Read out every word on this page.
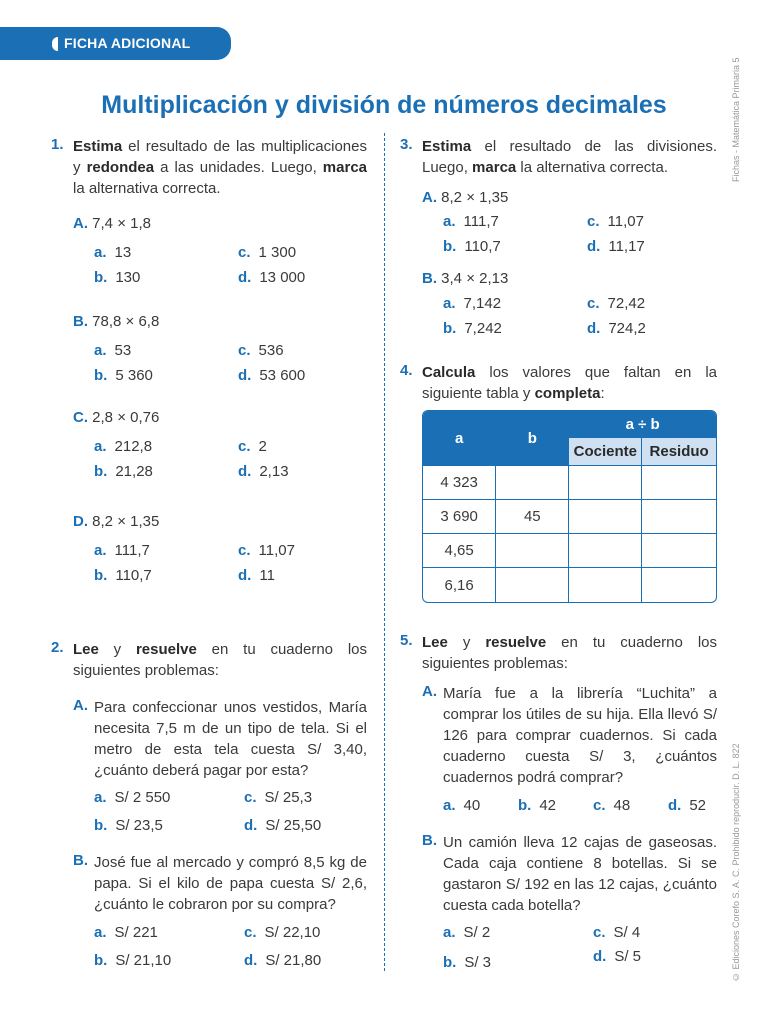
FICHA ADICIONAL
Multiplicación y división de números decimales	Fichas - Matemática Primaria 5
© Ediciones Corefo S. A. C. Prohibido reproducir. D. L. 822
1. Estima el resultado de las multiplicaciones y redondea a las unidades. Luego, marca la alternativa correcta.
A. 7,4 × 1,8
a. 13
b. 130
c. 1 300
d. 13 000
B. 78,8 × 6,8
a. 53
b. 5 360
c. 536
d. 53 600
C. 2,8 × 0,76
a. 212,8
b. 21,28
c. 2
d. 2,13
D. 8,2 × 1,35
a. 111,7
b. 110,7
c. 11,07
d. 11
2. Lee y resuelve en tu cuaderno los siguientes problemas:
A. Para confeccionar unos vestidos, María necesita 7,5 m de un tipo de tela. Si el metro de esta tela cuesta S/ 3,40, ¿cuánto deberá pagar por esta?
a. S/ 2 550
b. S/ 23,5
c. S/ 25,3
d. S/ 25,50
B. José fue al mercado y compró 8,5 kg de papa. Si el kilo de papa cuesta S/ 2,6, ¿cuánto le cobraron por su compra?
a. S/ 221
b. S/ 21,10
c. S/ 22,10
d. S/ 21,80
3. Estima el resultado de las divisiones. Luego, marca la alternativa correcta.
A. 8,2 × 1,35
a. 111,7
b. 110,7
c. 11,07
d. 11,17
B. 3,4 × 2,13
a. 7,142
b. 7,242
c. 72,42
d. 724,2
4. Calcula los valores que faltan en la siguiente tabla y completa:
a	b	a ÷ b	
		Cociente	Residuo
4 323			
3 690	45		
4,65			
6,16			
5. Lee y resuelve en tu cuaderno los siguientes problemas:
A. María fue a la librería “Luchita” a comprar los útiles de su hija. Ella llevó S/ 126 para comprar cuadernos. Si cada cuaderno cuesta S/ 3, ¿cuántos cuadernos podrá comprar?
a. 40	b. 42 c. 48	d. 52
B. Un camión lleva 12 cajas de gaseosas. Cada caja contiene 8 botellas. Si se gastaron S/ 192 en las 12 cajas, ¿cuánto cuesta cada botella?
a. S/ 2
b. S/ 3
c. S/ 4
d. S/ 5
